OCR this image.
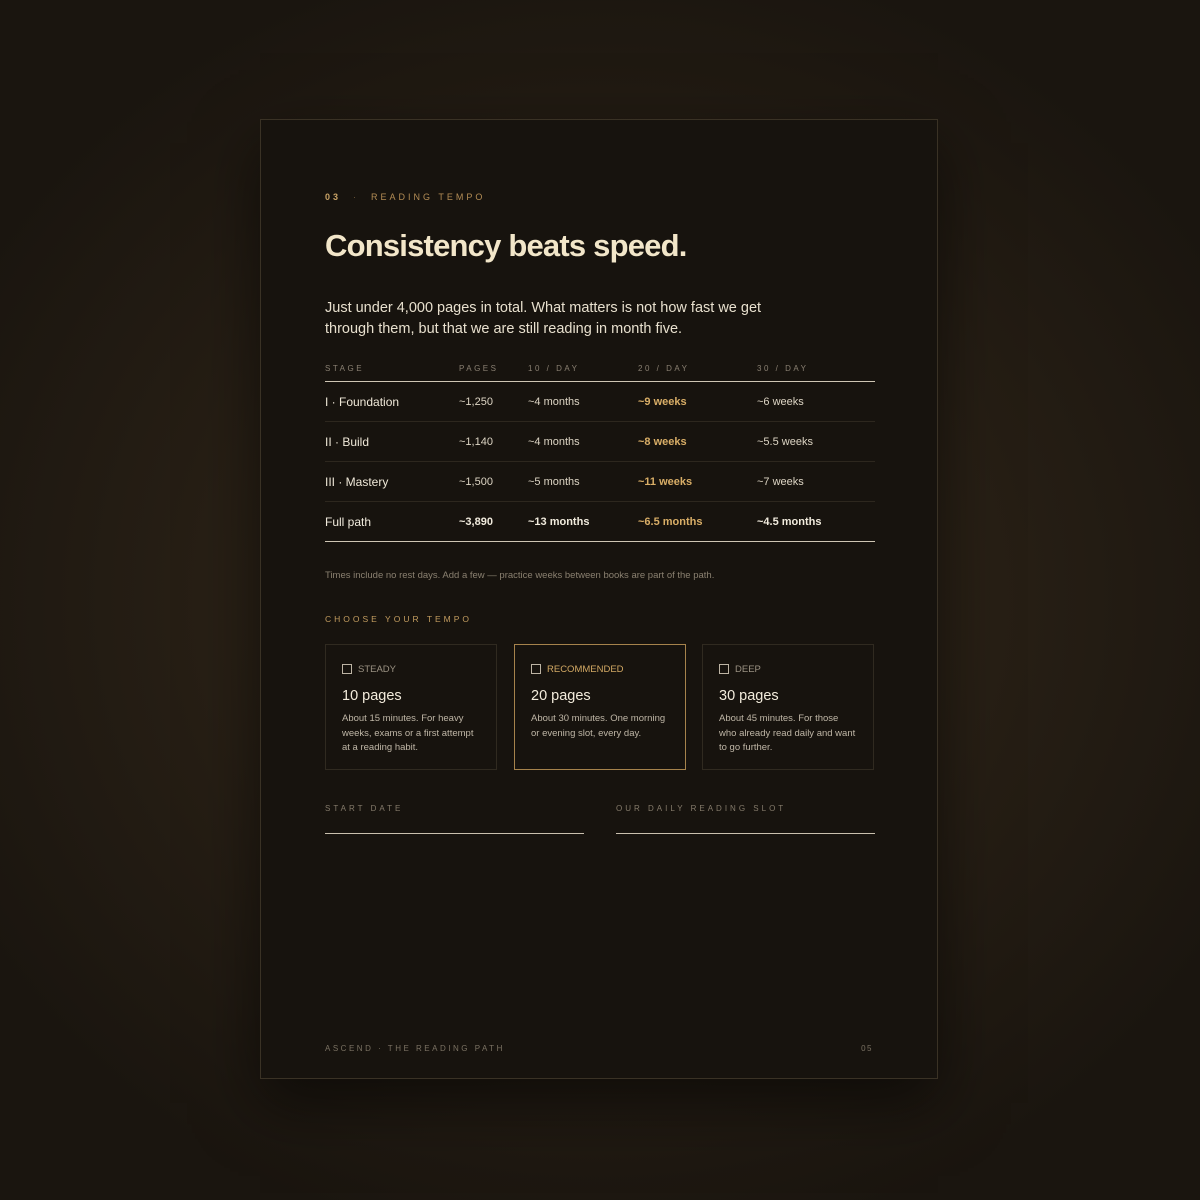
03 · READING TEMPO
Consistency beats speed.

Just under 4,000 pages in total. What matters is not how fast we get through them, but that we are still reading in month five.

STAGE	PAGES	10 / DAY	20 / DAY	30 / DAY
I · Foundation	~1,250	~4 months	~9 weeks	~6 weeks
II · Build	~1,140	~4 months	~8 weeks	~5.5 weeks
III · Mastery	~1,500	~5 months	~11 weeks	~7 weeks
Full path	~3,890	~13 months	~6.5 months	~4.5 months
Times include no rest days. Add a few — practice weeks between books are part of the path.
CHOOSE YOUR TEMPO
STEADY
10 pages
About 15 minutes. For heavy weeks, exams or a first attempt at a reading habit.
RECOMMENDED
20 pages
About 30 minutes. One morning or evening slot, every day.
DEEP
30 pages
About 45 minutes. For those who already read daily and want to go further.
START DATE	OUR DAILY READING SLOT
ASCEND · THE READING PATH	05
